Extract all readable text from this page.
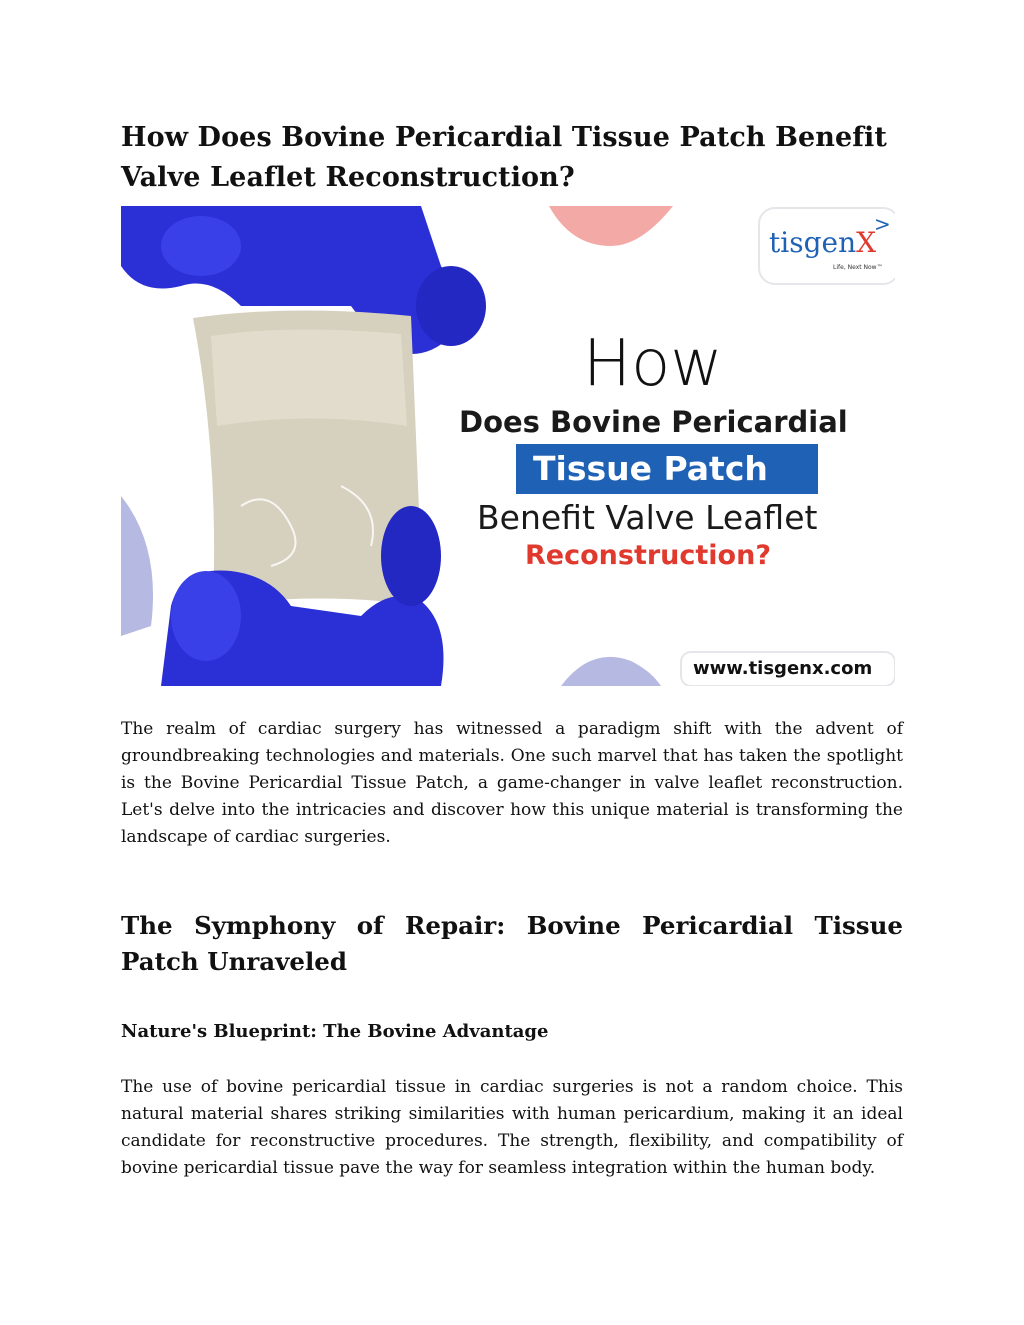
How Does Bovine Pericardial Tissue Patch Benefit Valve Leaflet Reconstruction?
>
tisgenX
Life, Next Now™
How
Does Bovine Pericardial
Tissue Patch
Benefit Valve Leaflet
Reconstruction?
www.tisgenx.com

The realm of cardiac surgery has witnessed a paradigm shift with the advent of groundbreaking technologies and materials. One such marvel that has taken the spotlight is the Bovine Pericardial Tissue Patch, a game-changer in valve leaflet reconstruction. Let's delve into the intricacies and discover how this unique material is transforming the landscape of cardiac surgeries.

The Symphony of Repair: Bovine Pericardial Tissue Patch Unraveled
Nature's Blueprint: The Bovine Advantage

The use of bovine pericardial tissue in cardiac surgeries is not a random choice. This natural material shares striking similarities with human pericardium, making it an ideal candidate for reconstructive procedures. The strength, flexibility, and compatibility of bovine pericardial tissue pave the way for seamless integration within the human body.
